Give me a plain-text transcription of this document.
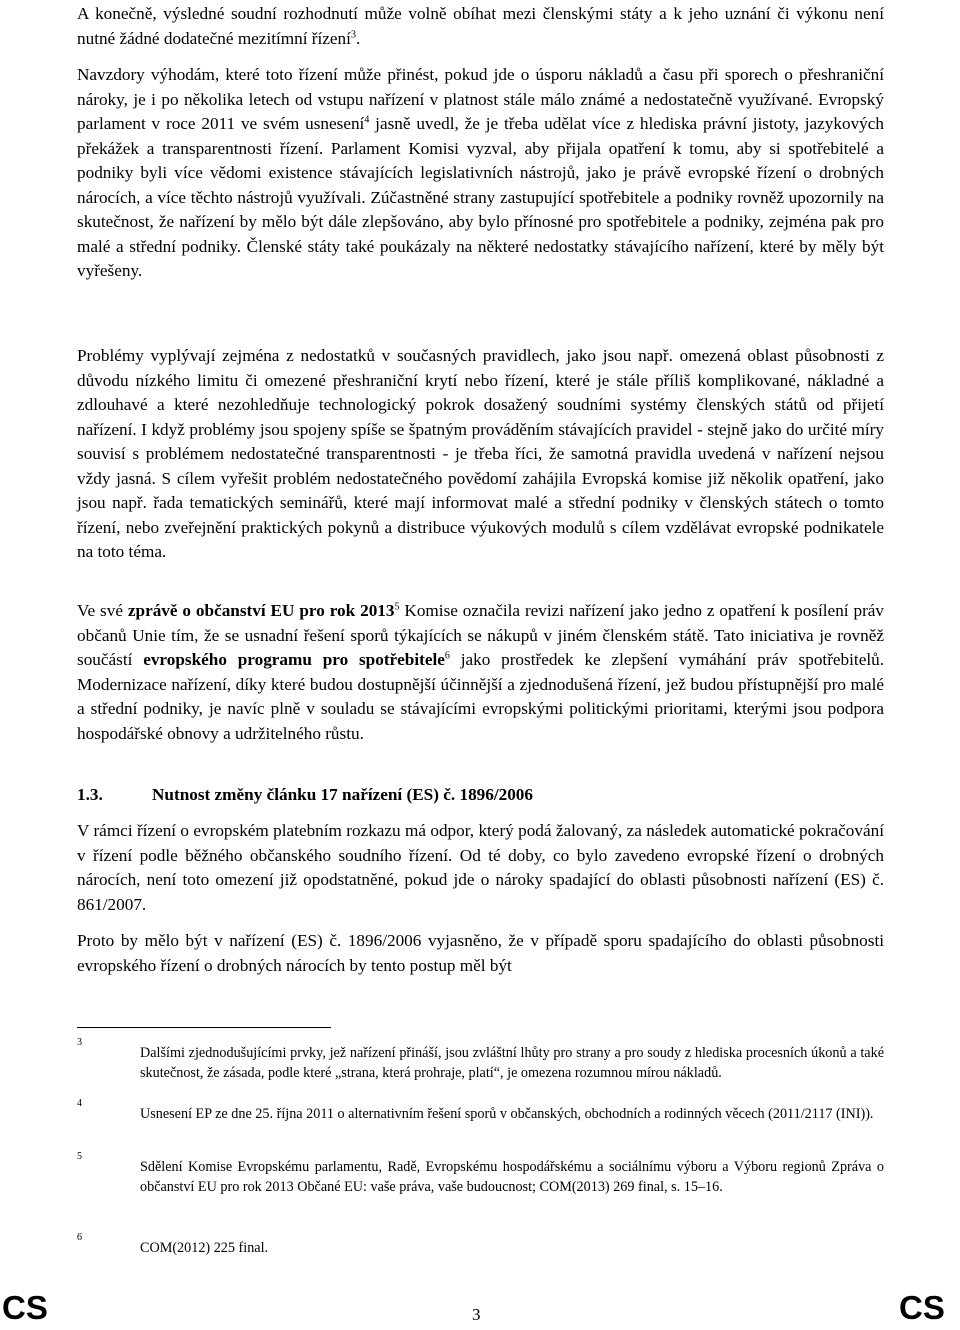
A konečně, výsledné soudní rozhodnutí může volně obíhat mezi členskými státy a k jeho uznání či výkonu není nutné žádné dodatečné mezitímní řízení$^3$.

Navzdory výhodám, které toto řízení může přinést, pokud jde o úsporu nákladů a času při sporech o přeshraniční nároky, je i po několika letech od vstupu nařízení v platnost stále málo známé a nedostatečně využívané. Evropský parlament v roce 2011 ve svém usnesení$^4$ jasně uvedl, že je třeba udělat více z hlediska právní jistoty, jazykových překážek a transparentnosti řízení. Parlament Komisi vyzval, aby přijala opatření k tomu, aby si spotřebitelé a podniky byli více vědomi existence stávajících legislativních nástrojů, jako je právě evropské řízení o drobných nárocích, a více těchto nástrojů využívali. Zúčastněné strany zastupující spotřebitele a podniky rovněž upozornily na skutečnost, že nařízení by mělo být dále zlepšováno, aby bylo přínosné pro spotřebitele a podniky, zejména pak pro malé a střední podniky. Členské státy také poukázaly na některé nedostatky stávajícího nařízení, které by měly být vyřešeny.

Problémy vyplývají zejména z nedostatků v současných pravidlech, jako jsou např. omezená oblast působnosti z důvodu nízkého limitu či omezené přeshraniční krytí nebo řízení, které je stále příliš komplikované, nákladné a zdlouhavé a které nezohledňuje technologický pokrok dosažený soudními systémy členských států od přijetí nařízení. I když problémy jsou spojeny spíše se špatným prováděním stávajících pravidel - stejně jako do určité míry souvisí s problémem nedostatečné transparentnosti - je třeba říci, že samotná pravidla uvedená v nařízení nejsou vždy jasná. S cílem vyřešit problém nedostatečného povědomí zahájila Evropská komise již několik opatření, jako jsou např. řada tematických seminářů, které mají informovat malé a střední podniky v členských státech o tomto řízení, nebo zveřejnění praktických pokynů a distribuce výukových modulů s cílem vzdělávat evropské podnikatele na toto téma.

Ve své zprávě o občanství EU pro rok 2013$^5$ Komise označila revizi nařízení jako jedno z opatření k posílení práv občanů Unie tím, že se usnadní řešení sporů týkajících se nákupů v jiném členském státě. Tato iniciativa je rovněž součástí evropského programu pro spotřebitele$^6$ jako prostředek ke zlepšení vymáhání práv spotřebitelů. Modernizace nařízení, díky které budou dostupnější účinnější a zjednodušená řízení, jež budou přístupnější pro malé a střední podniky, je navíc plně v souladu se stávajícími evropskými politickými prioritami, kterými jsou podpora hospodářské obnovy a udržitelného růstu.

1.3.	Nutnost změny článku 17 nařízení (ES) č. 1896/2006

V rámci řízení o evropském platebním rozkazu má odpor, který podá žalovaný, za následek automatické pokračování v řízení podle běžného občanského soudního řízení. Od té doby, co bylo zavedeno evropské řízení o drobných nárocích, není toto omezení již opodstatněné, pokud jde o nároky spadající do oblasti působnosti nařízení (ES) č. 861/2007.

Proto by mělo být v nařízení (ES) č. 1896/2006 vyjasněno, že v případě sporu spadajícího do oblasti působnosti evropského řízení o drobných nárocích by tento postup měl být

3
Dalšími zjednodušujícími prvky, jež nařízení přináší, jsou zvláštní lhůty pro strany a pro soudy z hlediska procesních úkonů a také skutečnost, že zásada, podle které „strana, která prohraje, platí“, je omezena rozumnou mírou nákladů.
4
Usnesení EP ze dne 25. října 2011 o alternativním řešení sporů v občanských, obchodních a rodinných věcech (2011/2117 (INI)).
5
Sdělení Komise Evropskému parlamentu, Radě, Evropskému hospodářskému a sociálnímu výboru a Výboru regionů Zpráva o občanství EU pro rok 2013 Občané EU: vaše práva, vaše budoucnost; COM(2013) 269 final, s. 15–16.
6
COM(2012) 225 final.
CS	3	CS
